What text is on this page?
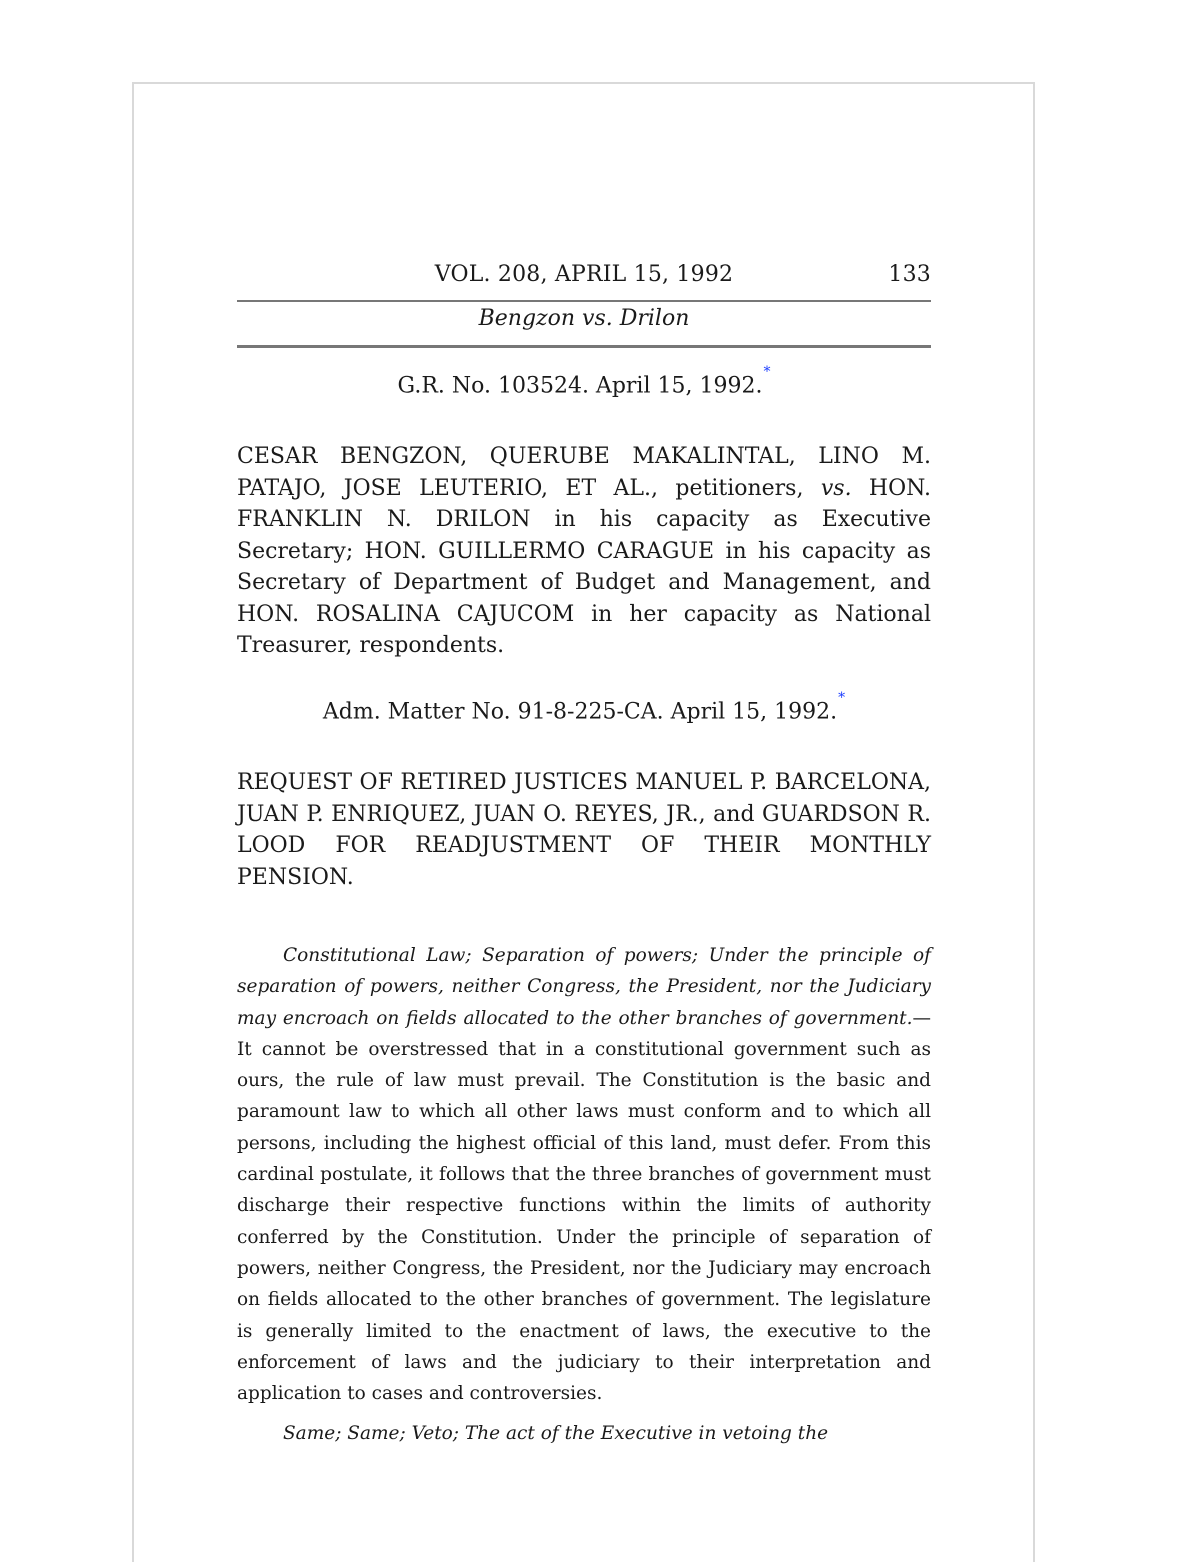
VOL. 208, APRIL 15, 1992	133
Bengzon vs. Drilon
G.R. No. 103524. April 15, 1992.*
CESAR BENGZON, QUERUBE MAKALINTAL, LINO M. PATAJO, JOSE LEUTERIO, ET AL., petitioners, vs. HON. FRANKLIN N. DRILON in his capacity as Executive Secretary; HON. GUILLERMO CARAGUE in his capacity as Secretary of Department of Budget and Management, and HON. ROSALINA CAJUCOM in her capacity as National Treasurer, respondents.
Adm. Matter No. 91-8-225-CA. April 15, 1992.*
REQUEST OF RETIRED JUSTICES MANUEL P. BARCELONA, JUAN P. ENRIQUEZ, JUAN O. REYES, JR., and GUARDSON R. LOOD FOR READJUSTMENT OF THEIR MONTHLY PENSION.

Constitutional Law; Separation of powers; Under the principle of separation of powers, neither Congress, the President, nor the Judiciary may encroach on fields allocated to the other branches of government.—It cannot be overstressed that in a constitutional government such as ours, the rule of law must prevail. The Constitution is the basic and paramount law to which all other laws must conform and to which all persons, including the highest official of this land, must defer. From this cardinal postulate, it follows that the three branches of government must discharge their respective functions within the limits of authority conferred by the Constitution. Under the principle of separation of powers, neither Congress, the President, nor the Judiciary may encroach on fields allocated to the other branches of government. The legislature is generally limited to the enactment of laws, the executive to the enforcement of laws and the judiciary to their interpretation and application to cases and controversies.

Same; Same; Veto; The act of the Executive in vetoing the
